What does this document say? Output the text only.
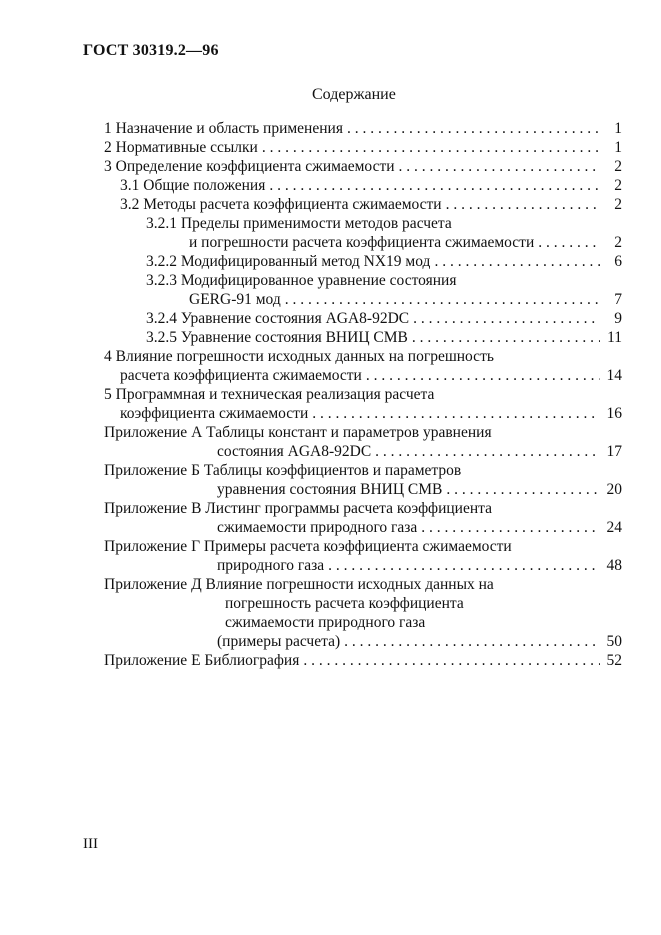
ГОСТ 30319.2—96
Содержание
1 Назначение и область применения . . .	1
2 Нормативные ссылки . . .	1
3 Определение коэффициента сжимаемости . . .	2
3.1 Общие положения . . .	2
3.2 Методы расчета коэффициента сжимаемости . . .	2
3.2.1 Пределы применимости методов расчета
и погрешности расчета коэффициента сжимаемости . . .	2
3.2.2 Модифицированный метод NX19 мод . . .	6
3.2.3 Модифицированное уравнение состояния
GERG-91 мод . . .	7
3.2.4 Уравнение состояния AGA8-92DC . . .	9
3.2.5 Уравнение состояния ВНИЦ СМВ . . .	11
4 Влияние погрешности исходных данных на погрешность
расчета коэффициента сжимаемости . . .	14
5 Программная и техническая реализация расчета
коэффициента сжимаемости . . .	16
Приложение А Таблицы констант и параметров уравнения
состояния AGA8-92DC . . .	17
Приложение Б Таблицы коэффициентов и параметров
уравнения состояния ВНИЦ СМВ . . .	20
Приложение В Листинг программы расчета коэффициента
сжимаемости природного газа . . .	24
Приложение Г Примеры расчета коэффициента сжимаемости
природного газа . . .	48
Приложение Д Влияние погрешности исходных данных на
погрешность расчета коэффициента
сжимаемости природного газа
(примеры расчета) . . .	50
Приложение Е Библиография . . .	52
III
